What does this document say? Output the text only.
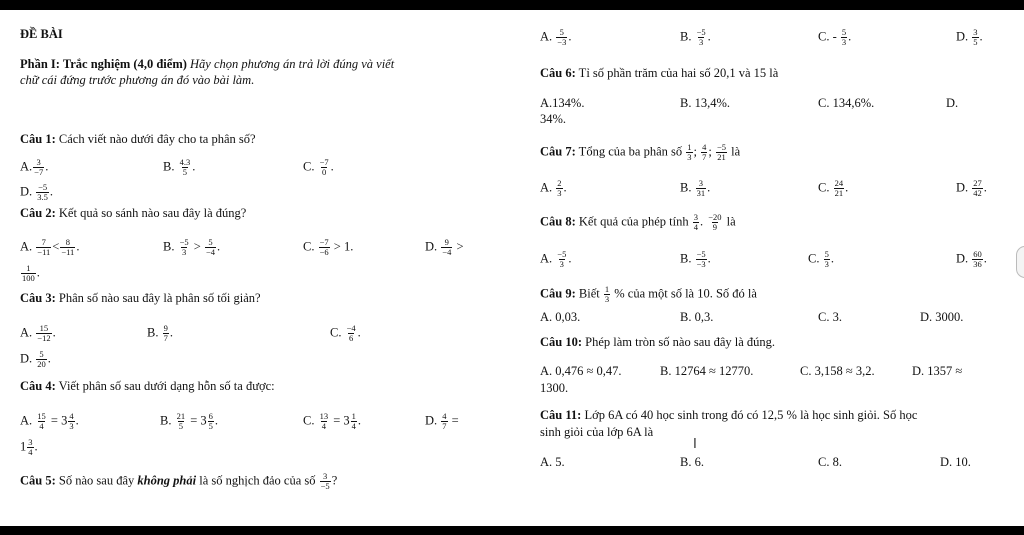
ĐỀ BÀI
Phần I: Trắc nghiệm (4,0 điểm) Hãy chọn phương án trả lời đúng và viết
chữ cái đứng trước phương án đó vào bài làm.
Câu 1: Cách viết nào dưới đây cho ta phân số?
A. $\frac{3}{-7}$ .	B. $\frac{4.3}{5}$ .	C. $\frac{-7}{0}$ .
D. $\frac{-5}{3.5}$ .
Câu 2: Kết quả so sánh nào sau đây là đúng?
A. $\frac{7}{-11} < \frac{8}{-11}$ .	B. $\frac{-5}{3} > \frac{5}{-4}$ .	C. $\frac{-7}{-6} > 1$.	D. $\frac{9}{-4}$ >
$\frac{1}{100}$ .
Câu 3: Phân số nào sau đây là phân số tối giản?
A. $\frac{15}{-12}$ .	B. $\frac{9}{7}$ .	C. $\frac{-4}{6}$ .
D. $\frac{5}{20}$ .
Câu 4: Viết phân số sau dưới dạng hỗn số ta được:
A. $\frac{15}{4} = 3 \frac{4}{3}$ .	B. $\frac{21}{5} = 3 \frac{6}{5}$ .	C. $\frac{13}{4} = 3 \frac{1}{4}$ .	D. $\frac{4}{7}$ =
$1 \frac{3}{4}$ .
Câu 5: Số nào sau đây không phải là số nghịch đảo của số $\frac{3}{-5}$ ?
A. $\frac{5}{-3}$ .	B. $\frac{-5}{3}$ .	C. - $\frac{5}{3}$ .	D. $\frac{3}{5}$ .
Câu 6: Tỉ số phần trăm của hai số 20,1 và 15 là
A.134%.	B. 13,4%.	C. 134,6%.	D.
34%.
Câu 7: Tổng của ba phân số $\frac{1}{3}$ ; $\frac{4}{7}$ ; $\frac{-5}{21}$ là
A. $\frac{2}{3}$ .	B. $\frac{3}{31}$ .	C. $\frac{24}{21}$ .	D. $\frac{27}{42}$ .
Câu 8: Kết quả của phép tính $\frac{3}{4}$ . $\frac{-20}{9}$ là
A. $\frac{-5}{3}$ .	B. $\frac{-5}{-3}$ .	C. $\frac{5}{3}$ .	D. $\frac{60}{36}$ .
Câu 9: Biết $\frac{1}{3}$ % của một số là 10. Số đó là
A. 0,03.	B. 0,3.	C. 3.	D. 3000.
Câu 10: Phép làm tròn số nào sau đây là đúng.
A. 0,476 ≈ 0,47.	B. 12764 ≈ 12770.	C. 3,158 ≈ 3,2.	D. 1357 ≈
1300.
Câu 11: Lớp 6A có 40 học sinh trong đó có 12,5 % là học sinh giỏi. Số học
sinh giỏi của lớp 6A là
A. 5.	B. 6.	C. 8.	D. 10.
I
